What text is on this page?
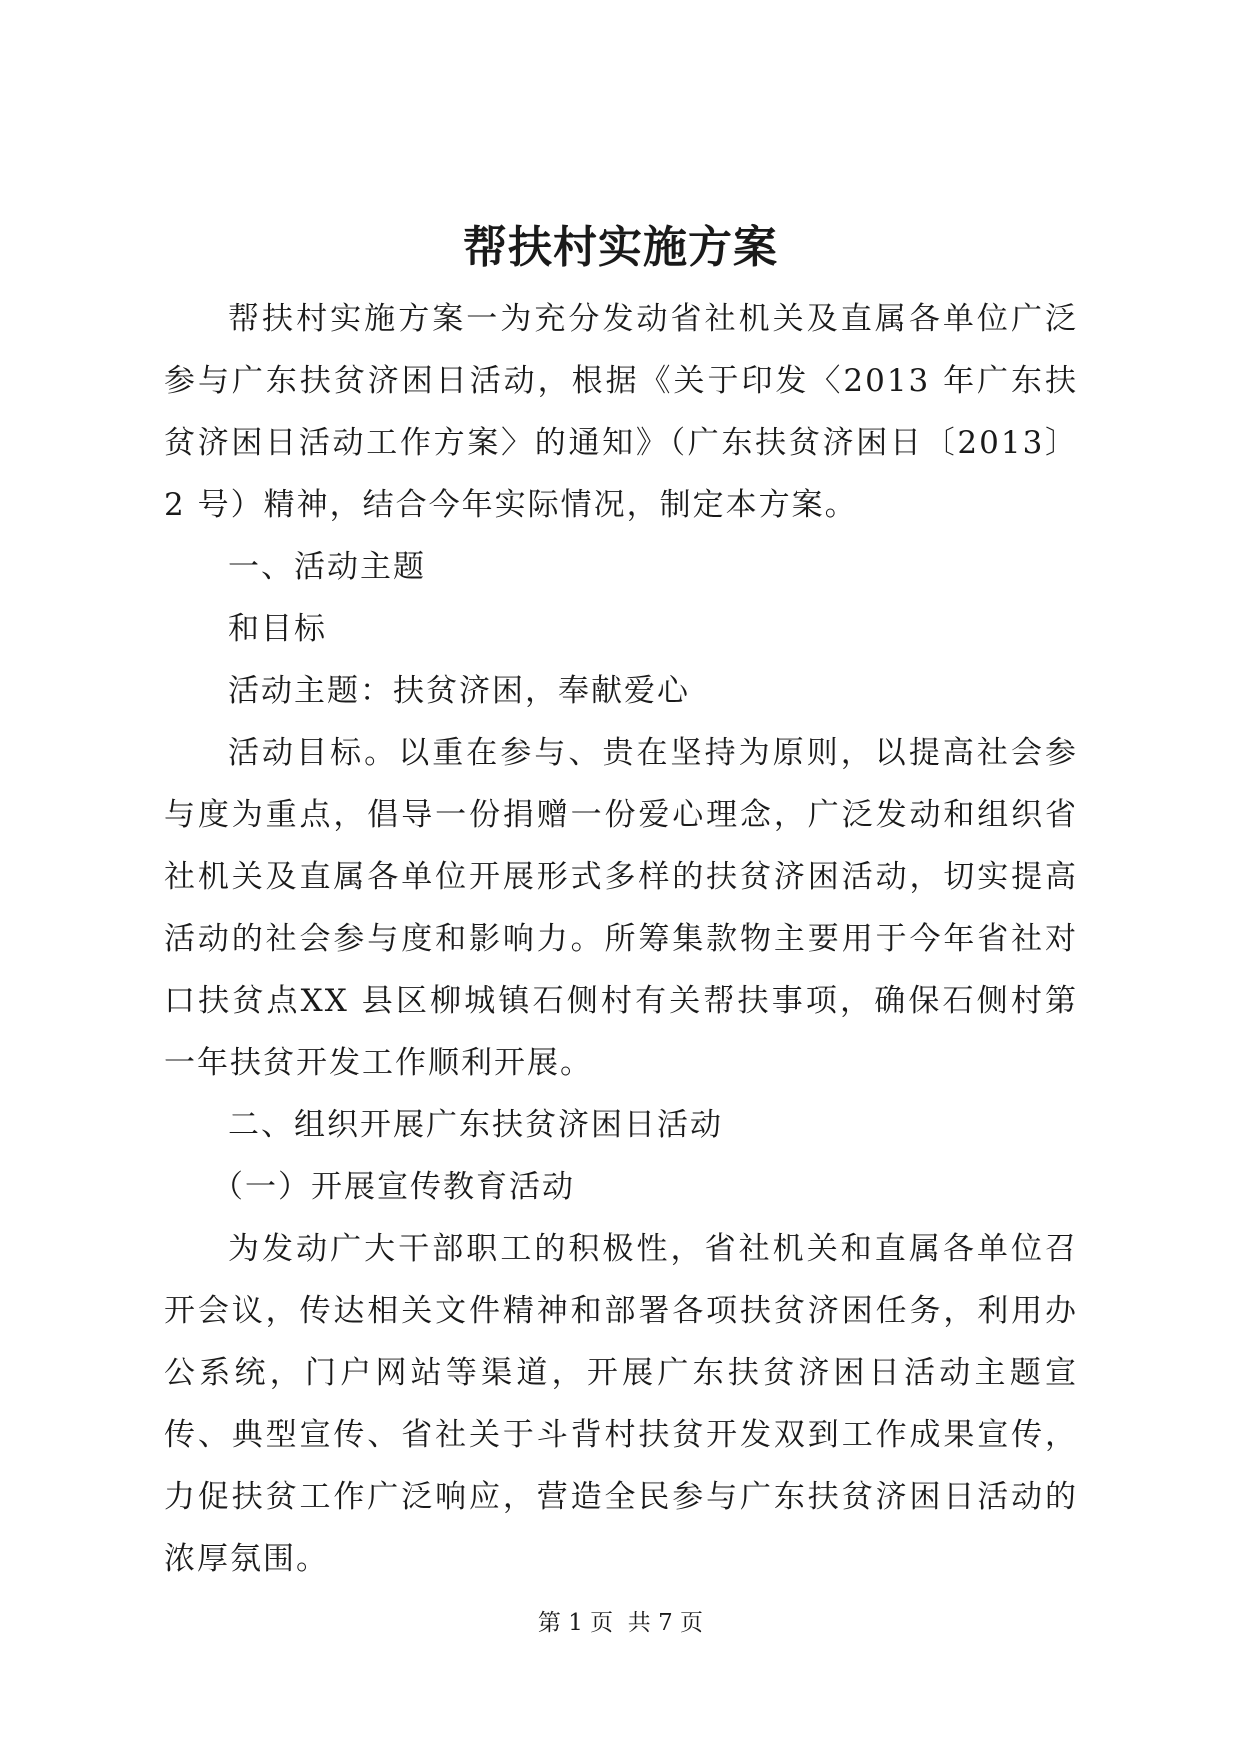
帮扶村实施方案

帮扶村实施方案一为充分发动省社机关及直属各单位广泛参与广东扶贫济困日活动，根据《关于印发〈2013 年广东扶贫济困日活动工作方案〉的通知》（广东扶贫济困日〔2013〕2 号）精神，结合今年实际情况，制定本方案。

一、活动主题

和目标

活动主题：扶贫济困，奉献爱心

活动目标。以重在参与、贵在坚持为原则，以提高社会参与度为重点，倡导一份捐赠一份爱心理念，广泛发动和组织省社机关及直属各单位开展形式多样的扶贫济困活动，切实提高活动的社会参与度和影响力。所筹集款物主要用于今年省社对口扶贫点XX 县区柳城镇石侧村有关帮扶事项，确保石侧村第一年扶贫开发工作顺利开展。

二、组织开展广东扶贫济困日活动

（一）开展宣传教育活动

为发动广大干部职工的积极性，省社机关和直属各单位召开会议，传达相关文件精神和部署各项扶贫济困任务，利用办公系统，门户网站等渠道，开展广东扶贫济困日活动主题宣传、典型宣传、省社关于斗背村扶贫开发双到工作成果宣传，力促扶贫工作广泛响应，营造全民参与广东扶贫济困日活动的浓厚氛围。

第 1 页  共 7 页
